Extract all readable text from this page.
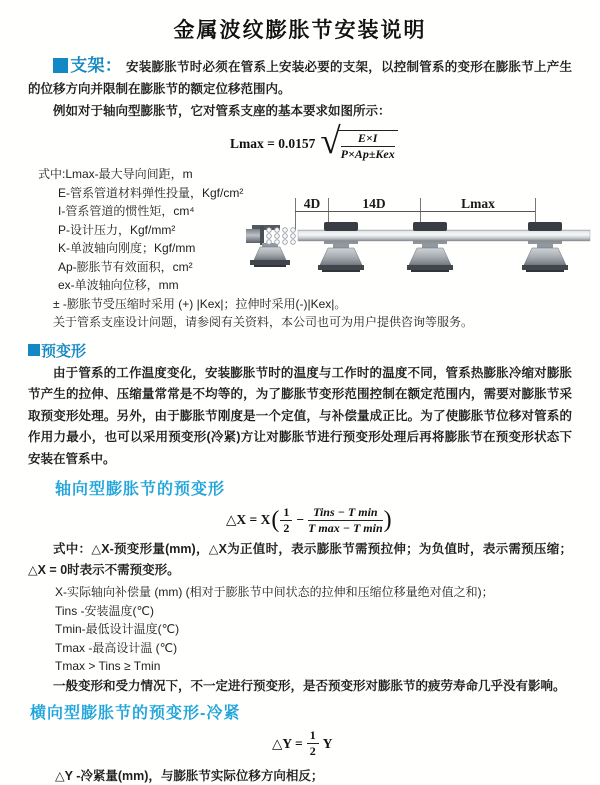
金属波纹膨胀节安装说明
支架： 安装膨胀节时必须在管系上安装必要的支架，以控制管系的变形在膨胀节上产生的位移方向并限制在膨胀节的额定位移范围内。
例如对于轴向型膨胀节，它对管系支座的基本要求如图所示：
Lmax = 0.0157 √	E×I
P×Ap±Kex
式中:Lmax-最大导向间距，m
E-管系管道材料弹性投量，Kgf/cm²
I-管系管道的惯性矩，cm⁴
P-设计压力，Kgf/mm²
K-单波轴向刚度；Kgf/mm
Ap-膨胀节有效面积，cm²
ex-单波轴向位移，mm
± -膨胀节受压缩时采用 (+) |Kex|；拉伸时采用(-)|Kex|。
关于管系支座设计问题，请参阅有关资料，本公司也可为用户提供咨询等服务。
4D	14D	Lmax
预变形
由于管系的工作温度变化，安装膨胀节时的温度与工作时的温度不同，管系热膨胀冷缩对膨胀节产生的拉伸、压缩量常常是不均等的，为了膨胀节变形范围控制在额定范围内，需要对膨胀节采取预变形处理。另外，由于膨胀节刚度是一个定值，与补偿量成正比。为了使膨胀节位移对管系的作用力最小，也可以采用预变形(冷紧)方让对膨胀节进行预变形处理后再将膨胀节在预变形状态下安装在管系中。
轴向型膨胀节的预变形
△X = X ( $\frac{1}{2}$ −
Tins − T min
T max − T min )
式中：△X-预变形量(mm)，△X为正值时，表示膨胀节需预拉伸；为负值时，表示需预压缩；△X = 0时表示不需预变形。
X-实际轴向补偿量 (mm) (相对于膨胀节中间状态的拉伸和压缩位移量绝对值之和)；
Tins -安装温度(℃)
Tmin-最低设计温度(℃)
Tmax -最高设计温 (℃)
Tmax > Tins ≥ Tmin
一般变形和受力情况下，不一定进行预变形，是否预变形对膨胀节的疲劳寿命几乎没有影响。
横向型膨胀节的预变形-冷紧
△Y = $\frac{1}{2}$ Y
△Y -冷紧量(mm)，与膨胀节实际位移方向相反；
